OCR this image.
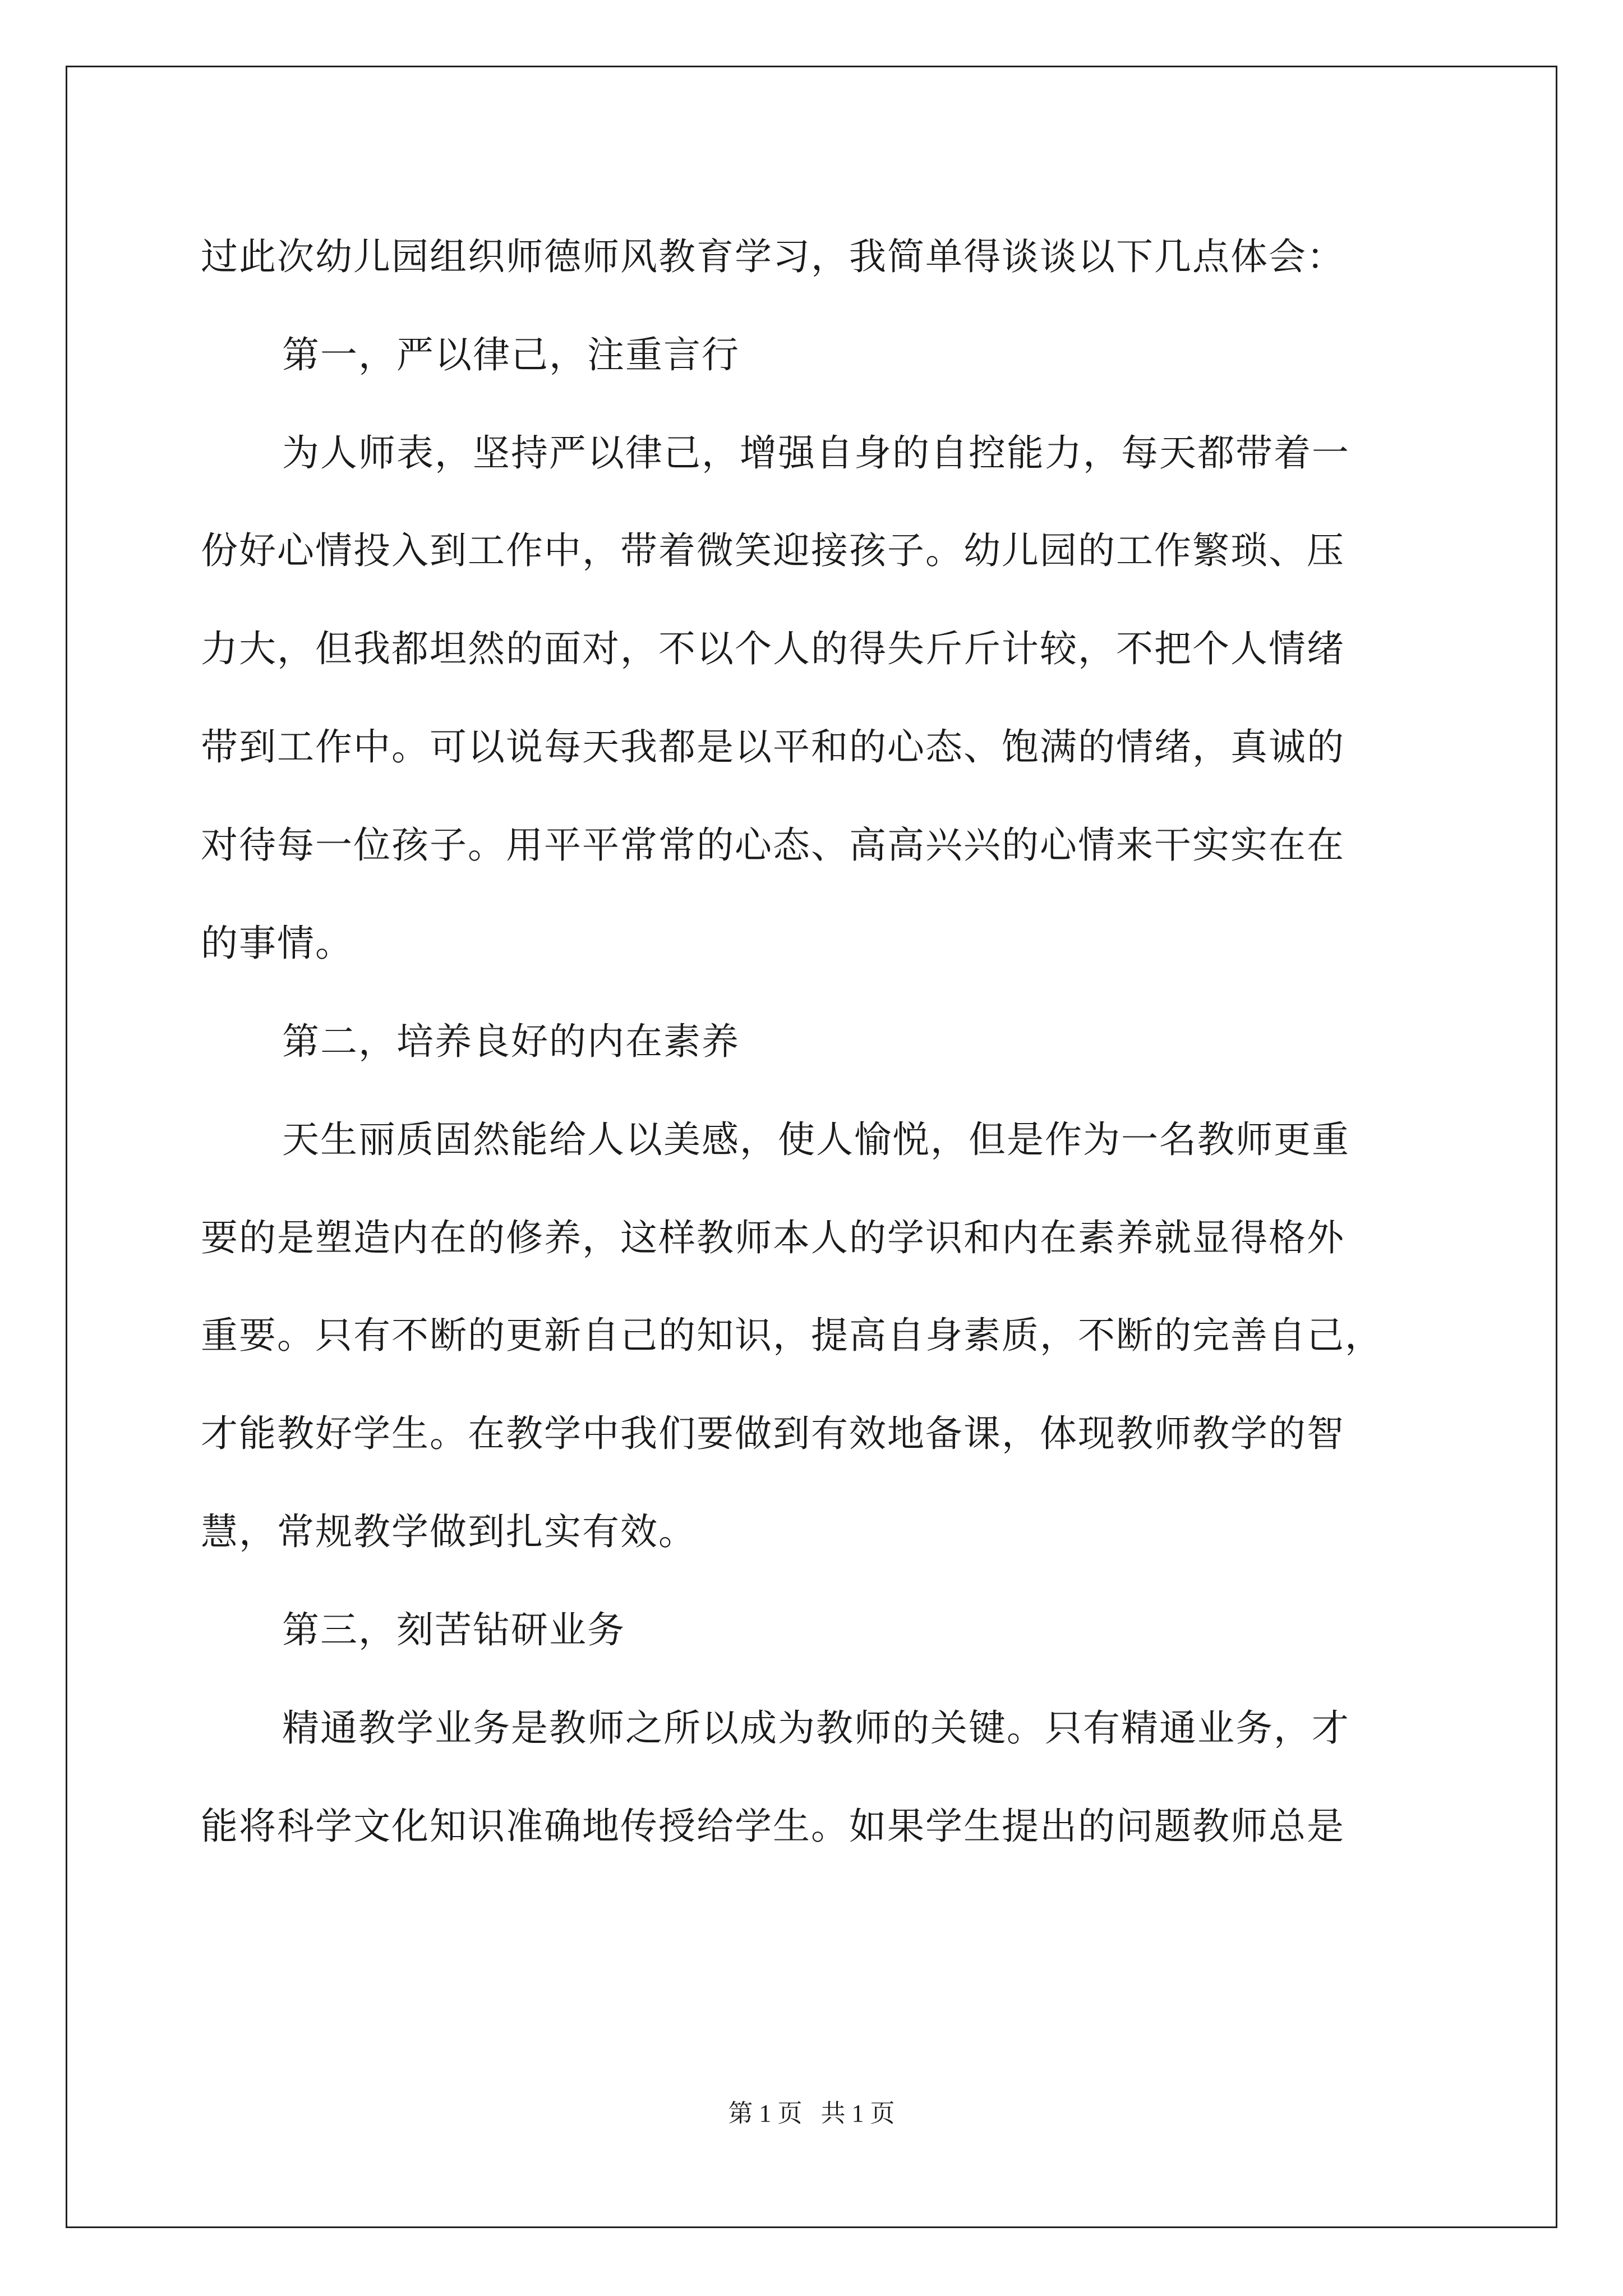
过此次幼儿园组织师德师风教育学习，我简单得谈谈以下几点体会：
第一，严以律己，注重言行
为人师表，坚持严以律己，增强自身的自控能力，每天都带着一
份好心情投入到工作中，带着微笑迎接孩子。幼儿园的工作繁琐、压
力大，但我都坦然的面对，不以个人的得失斤斤计较，不把个人情绪
带到工作中。可以说每天我都是以平和的心态、饱满的情绪，真诚的
对待每一位孩子。用平平常常的心态、高高兴兴的心情来干实实在在
的事情。
第二，培养良好的内在素养
天生丽质固然能给人以美感，使人愉悦，但是作为一名教师更重
要的是塑造内在的修养，这样教师本人的学识和内在素养就显得格外
重要。只有不断的更新自己的知识，提高自身素质，不断的完善自己，
才能教好学生。在教学中我们要做到有效地备课，体现教师教学的智
慧，常规教学做到扎实有效。
第三，刻苦钻研业务
精通教学业务是教师之所以成为教师的关键。只有精通业务，才
能将科学文化知识准确地传授给学生。如果学生提出的问题教师总是
第 1 页   共 1 页
